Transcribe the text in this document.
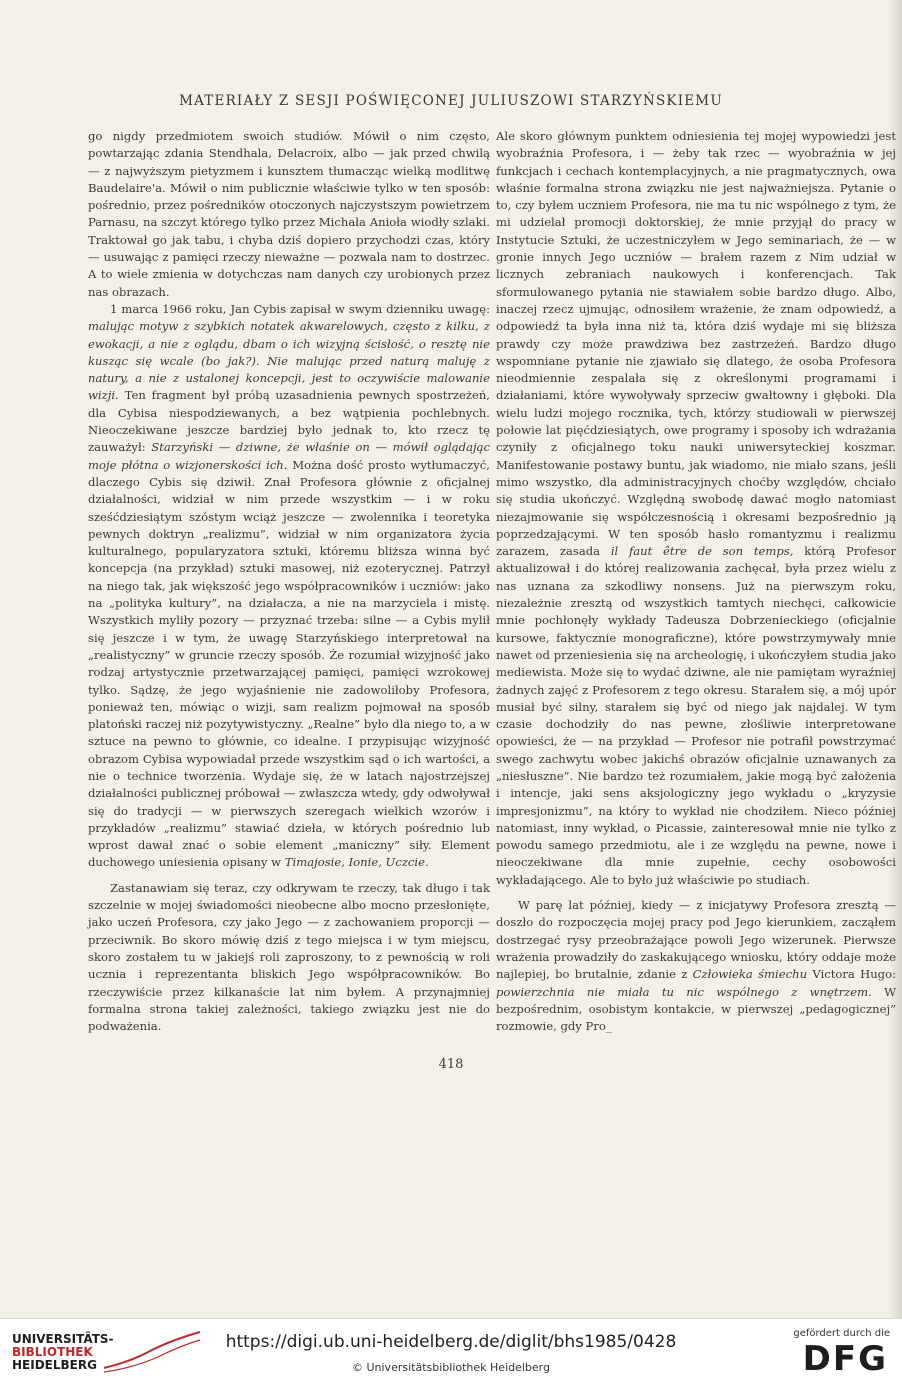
MATERIAŁY Z SESJI POŚWIĘCONEJ JULIUSZOWI STARZYŃSKIEMU

go nigdy przedmiotem swoich studiów. Mówił o nim często, powtarzając zdania Stendhala, Delacroix, albo — jak przed chwilą — z najwyższym pietyzmem i kunsztem tłumacząc wielką modlitwę Baudelaire'a. Mówił o nim publicznie właściwie tylko w ten sposób: pośrednio, przez pośredników otoczonych najczystszym powietrzem Parnasu, na szczyt którego tylko przez Michała Anioła wiodły szlaki. Traktował go jak tabu, i chyba dziś dopiero przychodzi czas, który — usuwając z pamięci rzeczy nieważne — pozwala nam to dostrzec. A to wiele zmienia w dotychczas nam danych czy urobionych przez nas obrazach.

1 marca 1966 roku, Jan Cybis zapisał w swym dzienniku uwagę: malując motyw z szybkich notatek akwarelowych, często z kilku, z ewokacji, a nie z oglądu, dbam o ich wizyjną ścisłość, o resztę nie kusząc się wcale (bo jak?). Nie malując przed naturą maluję z natury, a nie z ustalonej koncepcji, jest to oczywiście malowanie wizji. Ten fragment był próbą uzasadnienia pewnych spostrzeżeń, dla Cybisa niespodziewanych, a bez wątpienia pochlebnych. Nieoczekiwane jeszcze bardziej było jednak to, kto rzecz tę zauważył: Starzyński — dziwne, że właśnie on — mówił oglądając moje płótna o wizjonerskości ich. Można dość prosto wytłumaczyć, dlaczego Cybis się dziwił. Znał Profesora głównie z oficjalnej działalności, widział w nim przede wszystkim — i w roku sześćdziesiątym szóstym wciąż jeszcze — zwolennika i teoretyka pewnych doktryn „realizmu”, widział w nim organizatora życia kulturalnego, popularyzatora sztuki, któremu bliższa winna być koncepcja (na przykład) sztuki masowej, niż ezoterycznej. Patrzył na niego tak, jak większość jego współpracowników i uczniów: jako na „polityka kultury”, na działacza, a nie na marzyciela i mistę. Wszystkich myliły pozory — przyznać trzeba: silne — a Cybis mylił się jeszcze i w tym, że uwagę Starzyńskiego interpretował na „realistyczny” w gruncie rzeczy sposób. Że rozumiał wizyjność jako rodzaj artystycznie przetwarzającej pamięci, pamięci wzrokowej tylko. Sądzę, że jego wyjaśnienie nie zadowoliłoby Profesora, ponieważ ten, mówiąc o wizji, sam realizm pojmował na sposób platoński raczej niż pozytywistyczny. „Realne” było dla niego to, a w sztuce na pewno to głównie, co idealne. I przypisując wizyjność obrazom Cybisa wypowiadał przede wszystkim sąd o ich wartości, a nie o technice tworzenia. Wydaje się, że w latach najostrzejszej działalności publicznej próbował — zwłaszcza wtedy, gdy odwoływał się do tradycji — w pierwszych szeregach wielkich wzorów i przykładów „realizmu” stawiać dzieła, w których pośrednio lub wprost dawał znać o sobie element „maniczny” siły. Element duchowego uniesienia opisany w Timajosie, Ionie, Uczcie.

Zastanawiam się teraz, czy odkrywam te rzeczy, tak długo i tak szczelnie w mojej świadomości nieobecne albo mocno przesłonięte, jako uczeń Profesora, czy jako Jego — z zachowaniem proporcji — przeciwnik. Bo skoro mówię dziś z tego miejsca i w tym miejscu, skoro zostałem tu w jakiejś roli zaproszony, to z pewnością w roli ucznia i reprezentanta bliskich Jego współpracowników. Bo rzeczywiście przez kilkanaście lat nim byłem. A przynajmniej formalna strona takiej zależności, takiego związku jest nie do podważenia.

Ale skoro głównym punktem odniesienia tej mojej wypowiedzi jest wyobraźnia Profesora, i — żeby tak rzec — wyobraźnia w jej funkcjach i cechach kontemplacyjnych, a nie pragmatycznych, owa właśnie formalna strona związku nie jest najważniejsza. Pytanie o to, czy byłem uczniem Profesora, nie ma tu nic wspólnego z tym, że mi udzielał promocji doktorskiej, że mnie przyjął do pracy w Instytucie Sztuki, że uczestniczyłem w Jego seminariach, że — w gronie innych Jego uczniów — brałem razem z Nim udział w licznych zebraniach naukowych i konferencjach. Tak sformułowanego pytania nie stawiałem sobie bardzo długo. Albo, inaczej rzecz ujmując, odnosiłem wrażenie, że znam odpowiedź, a odpowiedź ta była inna niż ta, która dziś wydaje mi się bliższa prawdy czy może prawdziwa bez zastrzeżeń. Bardzo długo wspomniane pytanie nie zjawiało się dlatego, że osoba Profesora nieodmiennie zespalała się z określonymi programami i działaniami, które wywoływały sprzeciw gwałtowny i głęboki. Dla wielu ludzi mojego rocznika, tych, którzy studiowali w pierwszej połowie lat pięćdziesiątych, owe programy i sposoby ich wdrażania czyniły z oficjalnego toku nauki uniwersyteckiej koszmar. Manifestowanie postawy buntu, jak wiadomo, nie miało szans, jeśli mimo wszystko, dla administracyjnych choćby względów, chciało się studia ukończyć. Względną swobodę dawać mogło natomiast niezajmowanie się współczesnością i okresami bezpośrednio ją poprzedzającymi. W ten sposób hasło romantyzmu i realizmu zarazem, zasada il faut être de son temps, którą Profesor aktualizował i do której realizowania zachęcał, była przez wielu z nas uznana za szkodliwy nonsens. Już na pierwszym roku, niezależnie zresztą od wszystkich tamtych niechęci, całkowicie mnie pochłonęły wykłady Tadeusza Dobrzenieckiego (oficjalnie kursowe, faktycznie monograficzne), które powstrzymywały mnie nawet od przeniesienia się na archeologię, i ukończyłem studia jako mediewista. Może się to wydać dziwne, ale nie pamiętam wyraźniej żadnych zajęć z Profesorem z tego okresu. Starałem się, a mój upór musiał być silny, starałem się być od niego jak najdalej. W tym czasie dochodziły do nas pewne, złośliwie interpretowane opowieści, że — na przykład — Profesor nie potrafił powstrzymać swego zachwytu wobec jakichś obrazów oficjalnie uznawanych za „niesłuszne”. Nie bardzo też rozumiałem, jakie mogą być założenia i intencje, jaki sens aksjologiczny jego wykładu o „kryzysie impresjonizmu”, na który to wykład nie chodziłem. Nieco później natomiast, inny wykład, o Picassie, zainteresował mnie nie tylko z powodu samego przedmiotu, ale i ze względu na pewne, nowe i nieoczekiwane dla mnie zupełnie, cechy osobowości wykładającego. Ale to było już właściwie po studiach.

W parę lat później, kiedy — z inicjatywy Profesora zresztą — doszło do rozpoczęcia mojej pracy pod Jego kierunkiem, zacząłem dostrzegać rysy przeobrażające powoli Jego wizerunek. Pierwsze wrażenia prowadziły do zaskakującego wniosku, który oddaje może najlepiej, bo brutalnie, zdanie z Człowieka śmiechu Victora Hugo: powierzchnia nie miała tu nic wspólnego z wnętrzem. W bezpośrednim, osobistym kontakcie, w pierwszej „pedagogicznej” rozmowie, gdy Pro_

418
UNIVERSITÄTS-
BIBLIOTHEK
HEIDELBERG
https://digi.ub.uni-heidelberg.de/diglit/bhs1985/0428
© Universitätsbibliothek Heidelberg
gefördert durch die
DFG
